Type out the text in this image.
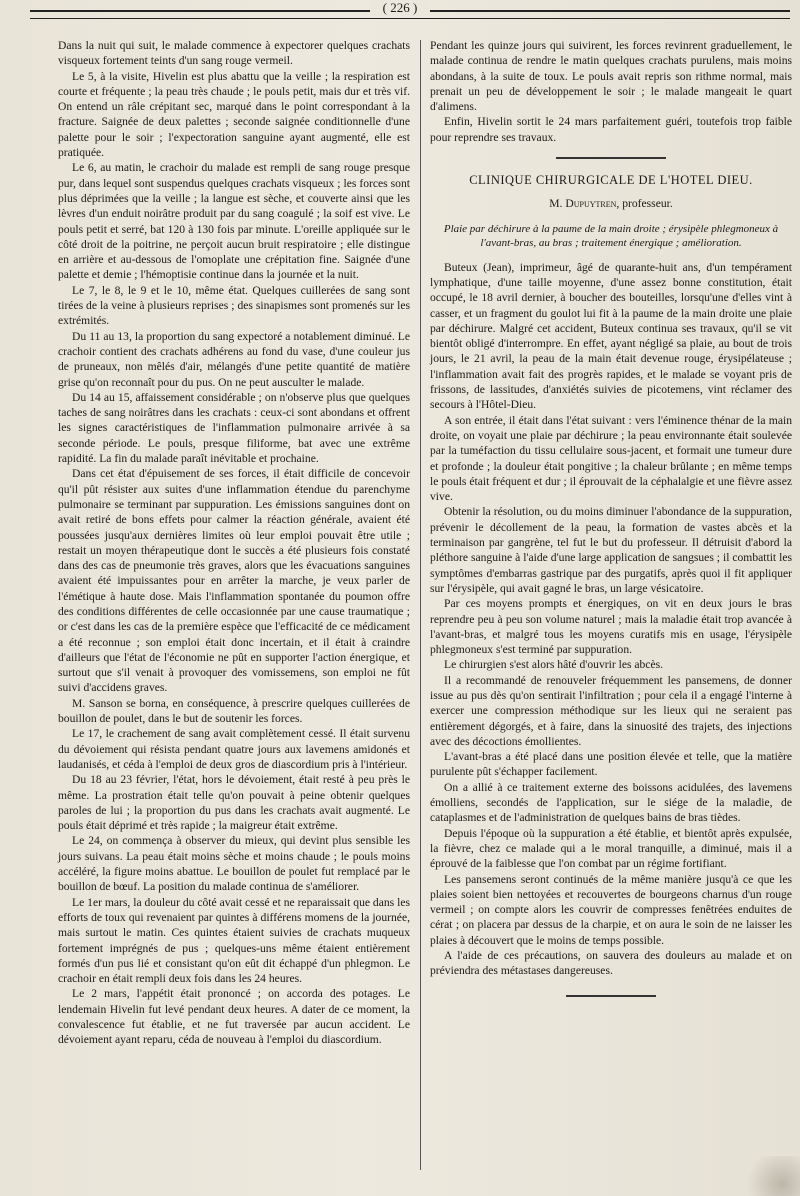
( 226 )

Dans la nuit qui suit, le malade commence à expectorer quelques crachats visqueux fortement teints d'un sang rouge vermeil.

Le 5, à la visite, Hivelin est plus abattu que la veille ; la respiration est courte et fréquente ; la peau très chaude ; le pouls petit, mais dur et très vif. On entend un râle crépitant sec, marqué dans le point correspondant à la fracture. Saignée de deux palettes ; seconde saignée conditionnelle d'une palette pour le soir ; l'expectoration sanguine ayant augmenté, elle est pratiquée.

Le 6, au matin, le crachoir du malade est rempli de sang rouge presque pur, dans lequel sont suspendus quelques crachats visqueux ; les forces sont plus déprimées que la veille ; la langue est sèche, et couverte ainsi que les lèvres d'un enduit noirâtre produit par du sang coagulé ; la soif est vive. Le pouls petit et serré, bat 120 à 130 fois par minute. L'oreille appliquée sur le côté droit de la poitrine, ne perçoit aucun bruit respiratoire ; elle distingue en arrière et au-dessous de l'omoplate une crépitation fine. Saignée d'une palette et demie ; l'hémoptisie continue dans la journée et la nuit.

Le 7, le 8, le 9 et le 10, même état. Quelques cuillerées de sang sont tirées de la veine à plusieurs reprises ; des sinapismes sont promenés sur les extrémités.

Du 11 au 13, la proportion du sang expectoré a notablement diminué. Le crachoir contient des crachats adhérens au fond du vase, d'une couleur jus de pruneaux, non mêlés d'air, mélangés d'une petite quantité de matière grise qu'on reconnaît pour du pus. On ne peut ausculter le malade.

Du 14 au 15, affaissement considérable ; on n'observe plus que quelques taches de sang noirâtres dans les crachats : ceux-ci sont abondans et offrent les signes caractéristiques de l'inflammation pulmonaire arrivée à sa seconde période. Le pouls, presque filiforme, bat avec une extrême rapidité. La fin du malade paraît inévitable et prochaine.

Dans cet état d'épuisement de ses forces, il était difficile de concevoir qu'il pût résister aux suites d'une inflammation étendue du parenchyme pulmonaire se terminant par suppuration. Les émissions sanguines dont on avait retiré de bons effets pour calmer la réaction générale, avaient été poussées jusqu'aux dernières limites où leur emploi pouvait être utile ; restait un moyen thérapeutique dont le succès a été plusieurs fois constaté dans des cas de pneumonie très graves, alors que les évacuations sanguines avaient été impuissantes pour en arrêter la marche, je veux parler de l'émétique à haute dose. Mais l'inflammation spontanée du poumon offre des conditions différentes de celle occasionnée par une cause traumatique ; or c'est dans les cas de la première espèce que l'efficacité de ce médicament a été reconnue ; son emploi était donc incertain, et il était à craindre d'ailleurs que l'état de l'économie ne pût en supporter l'action énergique, et surtout que s'il venait à provoquer des vomissemens, son emploi ne fût suivi d'accidens graves.

M. Sanson se borna, en conséquence, à prescrire quelques cuillerées de bouillon de poulet, dans le but de soutenir les forces.

Le 17, le crachement de sang avait complètement cessé. Il était survenu du dévoiement qui résista pendant quatre jours aux lavemens amidonés et laudanisés, et céda à l'emploi de deux gros de diascordium pris à l'intérieur.

Du 18 au 23 février, l'état, hors le dévoiement, était resté à peu près le même. La prostration était telle qu'on pouvait à peine obtenir quelques paroles de lui ; la proportion du pus dans les crachats avait augmenté. Le pouls était déprimé et très rapide ; la maigreur était extrême.

Le 24, on commença à observer du mieux, qui devint plus sensible les jours suivans. La peau était moins sèche et moins chaude ; le pouls moins accéléré, la figure moins abattue. Le bouillon de poulet fut remplacé par le bouillon de bœuf. La position du malade continua de s'améliorer.

Le 1er mars, la douleur du côté avait cessé et ne reparaissait que dans les efforts de toux qui revenaient par quintes à différens momens de la journée, mais surtout le matin. Ces quintes étaient suivies de crachats muqueux fortement imprégnés de pus ; quelques-uns même étaient entièrement formés d'un pus lié et consistant qu'on eût dit échappé d'un phlegmon. Le crachoir en était rempli deux fois dans les 24 heures.

Le 2 mars, l'appétit était prononcé ; on accorda des potages. Le lendemain Hivelin fut levé pendant deux heures. A dater de ce moment, la convalescence fut établie, et ne fut traversée par aucun accident. Le dévoiement ayant reparu, céda de nouveau à l'emploi du diascordium.

Pendant les quinze jours qui suivirent, les forces revinrent graduellement, le malade continua de rendre le matin quelques crachats purulens, mais moins abondans, à la suite de toux. Le pouls avait repris son rithme normal, mais prenait un peu de développement le soir ; le malade mangeait le quart d'alimens.

Enfin, Hivelin sortit le 24 mars parfaitement guéri, toutefois trop faible pour reprendre ses travaux.

CLINIQUE CHIRURGICALE DE L'HOTEL DIEU.
M. Dupuytren, professeur.
Plaie par déchirure à la paume de la main droite ; érysipèle phlegmoneux à l'avant-bras, au bras ; traitement énergique ; amélioration.

Buteux (Jean), imprimeur, âgé de quarante-huit ans, d'un tempérament lymphatique, d'une taille moyenne, d'une assez bonne constitution, était occupé, le 18 avril dernier, à boucher des bouteilles, lorsqu'une d'elles vint à casser, et un fragment du goulot lui fit à la paume de la main droite une plaie par déchirure. Malgré cet accident, Buteux continua ses travaux, qu'il se vit bientôt obligé d'interrompre. En effet, ayant négligé sa plaie, au bout de trois jours, le 21 avril, la peau de la main était devenue rouge, érysipélateuse ; l'inflammation avait fait des progrès rapides, et le malade se voyant pris de frissons, de lassitudes, d'anxiétés suivies de picotemens, vint réclamer des secours à l'Hôtel-Dieu.

A son entrée, il était dans l'état suivant : vers l'éminence thénar de la main droite, on voyait une plaie par déchirure ; la peau environnante était soulevée par la tuméfaction du tissu cellulaire sous-jacent, et formait une tumeur dure et profonde ; la douleur était pongitive ; la chaleur brûlante ; en même temps le pouls était fréquent et dur ; il éprouvait de la céphalalgie et une fièvre assez vive.

Obtenir la résolution, ou du moins diminuer l'abondance de la suppuration, prévenir le décollement de la peau, la formation de vastes abcès et la terminaison par gangrène, tel fut le but du professeur. Il détruisit d'abord la pléthore sanguine à l'aide d'une large application de sangsues ; il combattit les symptômes d'embarras gastrique par des purgatifs, après quoi il fit appliquer sur l'érysipèle, qui avait gagné le bras, un large vésicatoire.

Par ces moyens prompts et énergiques, on vit en deux jours le bras reprendre peu à peu son volume naturel ; mais la maladie était trop avancée à l'avant-bras, et malgré tous les moyens curatifs mis en usage, l'érysipèle phlegmoneux s'est terminé par suppuration.

Le chirurgien s'est alors hâté d'ouvrir les abcès.

Il a recommandé de renouveler fréquemment les pansemens, de donner issue au pus dès qu'on sentirait l'infiltration ; pour cela il a engagé l'interne à exercer une compression méthodique sur les lieux qui ne seraient pas entièrement dégorgés, et à faire, dans la sinuosité des trajets, des injections avec des décoctions émollientes.

L'avant-bras a été placé dans une position élevée et telle, que la matière purulente pût s'échapper facilement.

On a allié à ce traitement externe des boissons acidulées, des lavemens émolliens, secondés de l'application, sur le siége de la maladie, de cataplasmes et de l'administration de quelques bains de bras tièdes.

Depuis l'époque où la suppuration a été établie, et bientôt après expulsée, la fièvre, chez ce malade qui a le moral tranquille, a diminué, mais il a éprouvé de la faiblesse que l'on combat par un régime fortifiant.

Les pansemens seront continués de la même manière jusqu'à ce que les plaies soient bien nettoyées et recouvertes de bourgeons charnus d'un rouge vermeil ; on compte alors les couvrir de compresses fenêtrées enduites de cérat ; on placera par dessus de la charpie, et on aura le soin de ne laisser les plaies à découvert que le moins de temps possible.

A l'aide de ces précautions, on sauvera des douleurs au malade et on préviendra des métastases dangereuses.
